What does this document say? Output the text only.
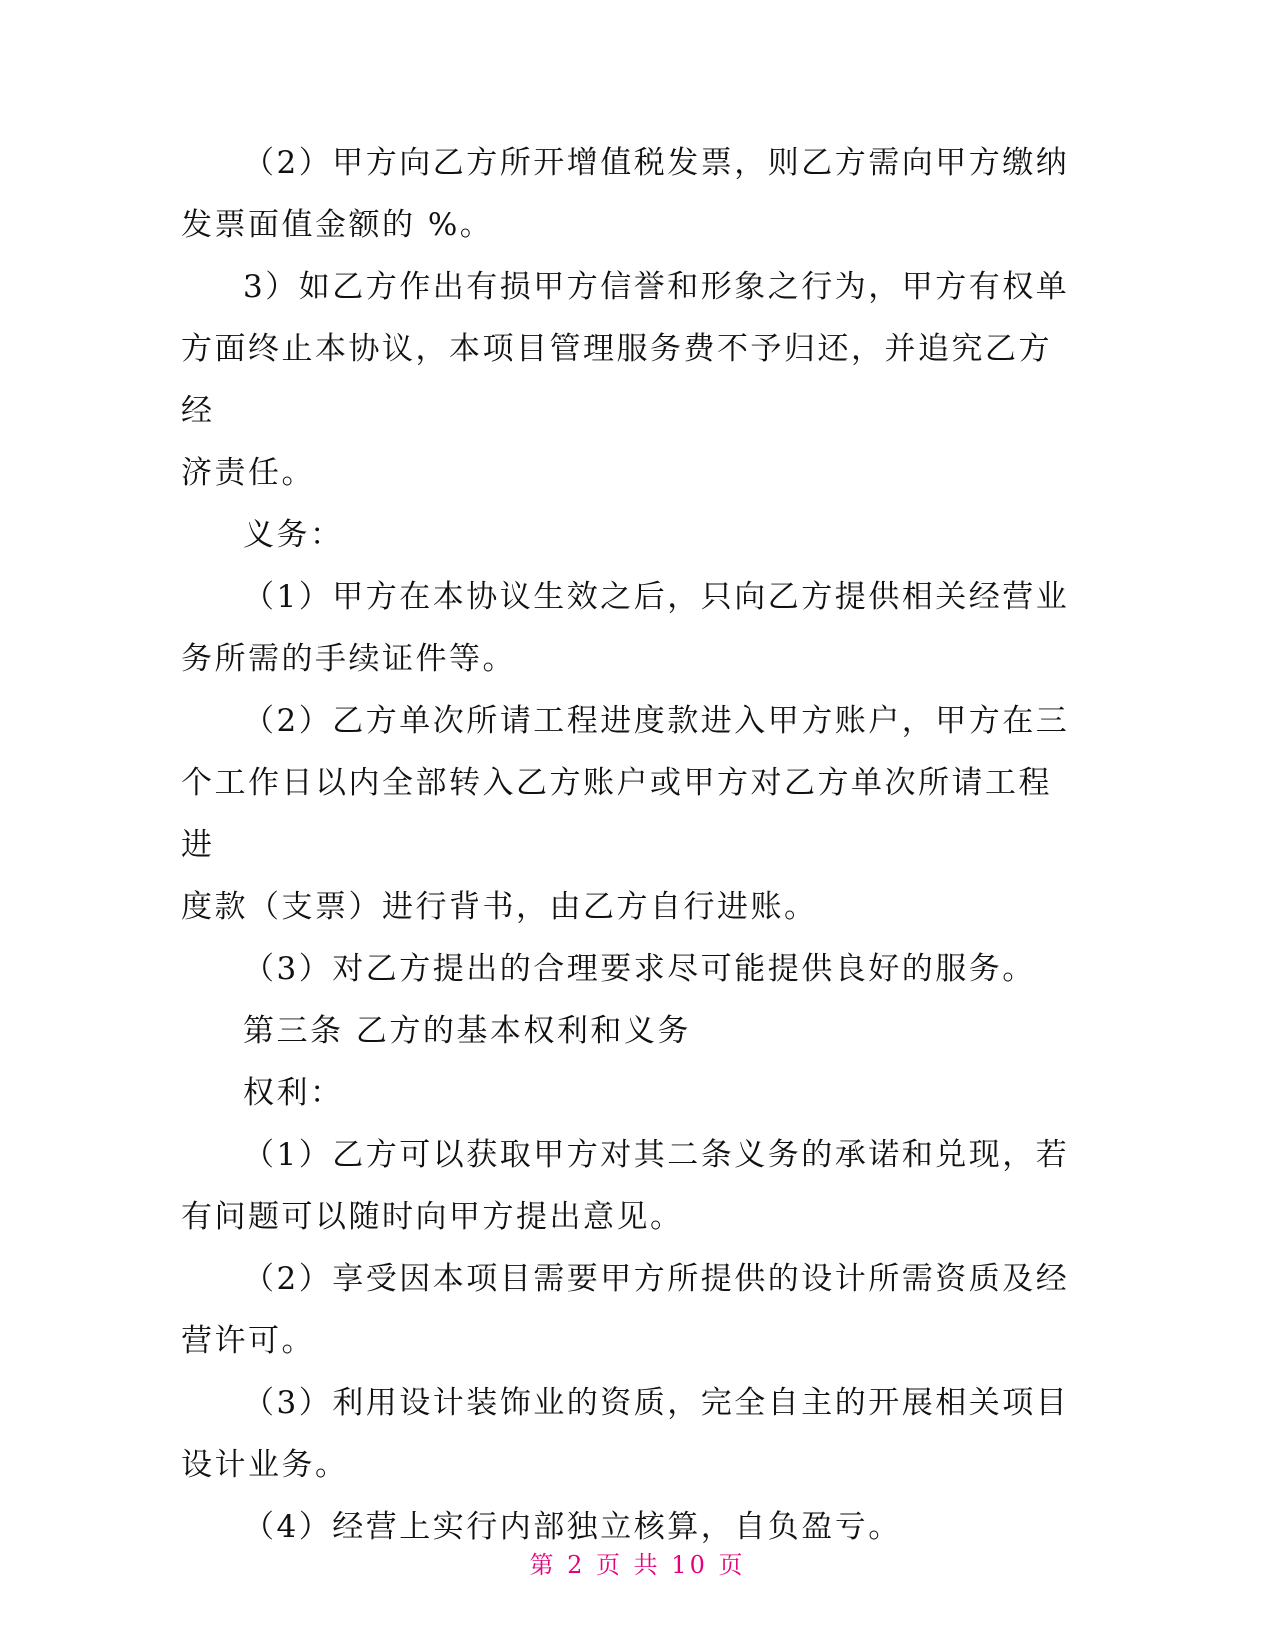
（2）甲方向乙方所开增值税发票，则乙方需向甲方缴纳
发票面值金额的 %。

3）如乙方作出有损甲方信誉和形象之行为，甲方有权单
方面终止本协议，本项目管理服务费不予归还，并追究乙方经
济责任。

义务：

（1）甲方在本协议生效之后，只向乙方提供相关经营业
务所需的手续证件等。

（2）乙方单次所请工程进度款进入甲方账户，甲方在三
个工作日以内全部转入乙方账户或甲方对乙方单次所请工程进
度款（支票）进行背书，由乙方自行进账。

（3）对乙方提出的合理要求尽可能提供良好的服务。

第三条 乙方的基本权利和义务

权利：

（1）乙方可以获取甲方对其二条义务的承诺和兑现，若
有问题可以随时向甲方提出意见。

（2）享受因本项目需要甲方所提供的设计所需资质及经
营许可。

（3）利用设计装饰业的资质，完全自主的开展相关项目
设计业务。

（4）经营上实行内部独立核算，自负盈亏。

第 2 页 共 10 页
